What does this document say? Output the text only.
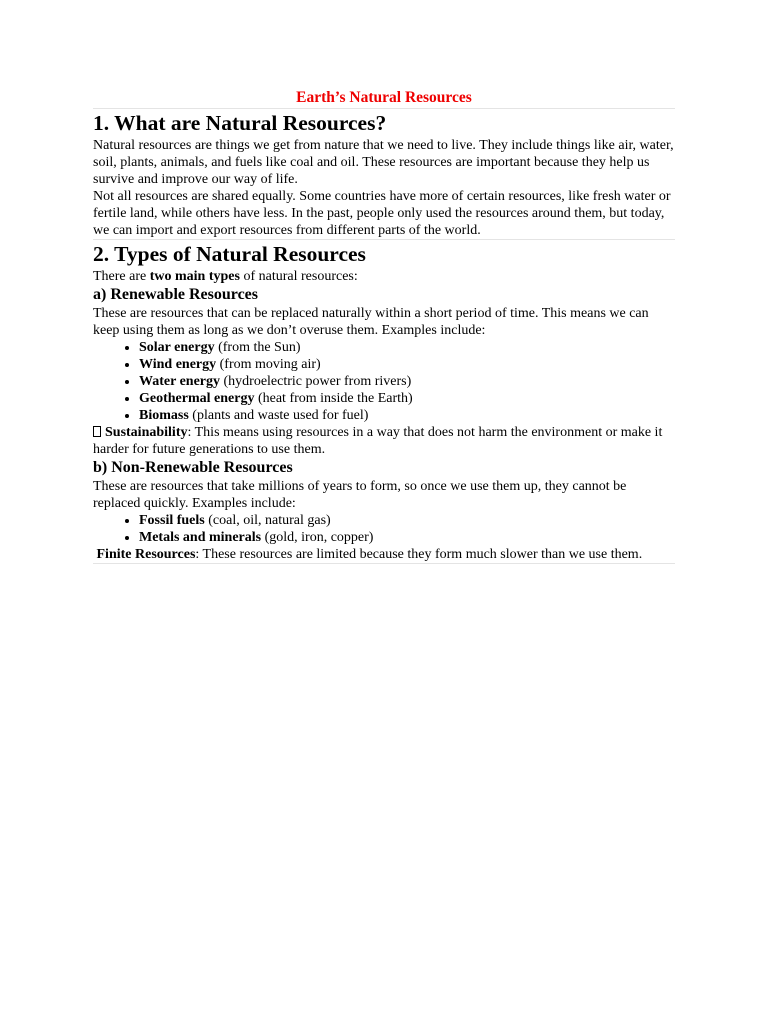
Earth’s Natural Resources
1. What are Natural Resources?

Natural resources are things we get from nature that we need to live. They include things like air, water, soil, plants, animals, and fuels like coal and oil. These resources are important because they help us survive and improve our way of life.

Not all resources are shared equally. Some countries have more of certain resources, like fresh water or fertile land, while others have less. In the past, people only used the resources around them, but today, we can import and export resources from different parts of the world.

2. Types of Natural Resources

There are two main types of natural resources:

a) Renewable Resources

These are resources that can be replaced naturally within a short period of time. This means we can keep using them as long as we don’t overuse them. Examples include:

• Solar energy (from the Sun)
• Wind energy (from moving air)
• Water energy (hydroelectric power from rivers)
• Geothermal energy (heat from inside the Earth)
• Biomass (plants and waste used for fuel)

Sustainability: This means using resources in a way that does not harm the environment or make it harder for future generations to use them.

b) Non-Renewable Resources

These are resources that take millions of years to form, so once we use them up, they cannot be replaced quickly. Examples include:

• Fossil fuels (coal, oil, natural gas)
• Metals and minerals (gold, iron, copper)

Finite Resources: These resources are limited because they form much slower than we use them.
